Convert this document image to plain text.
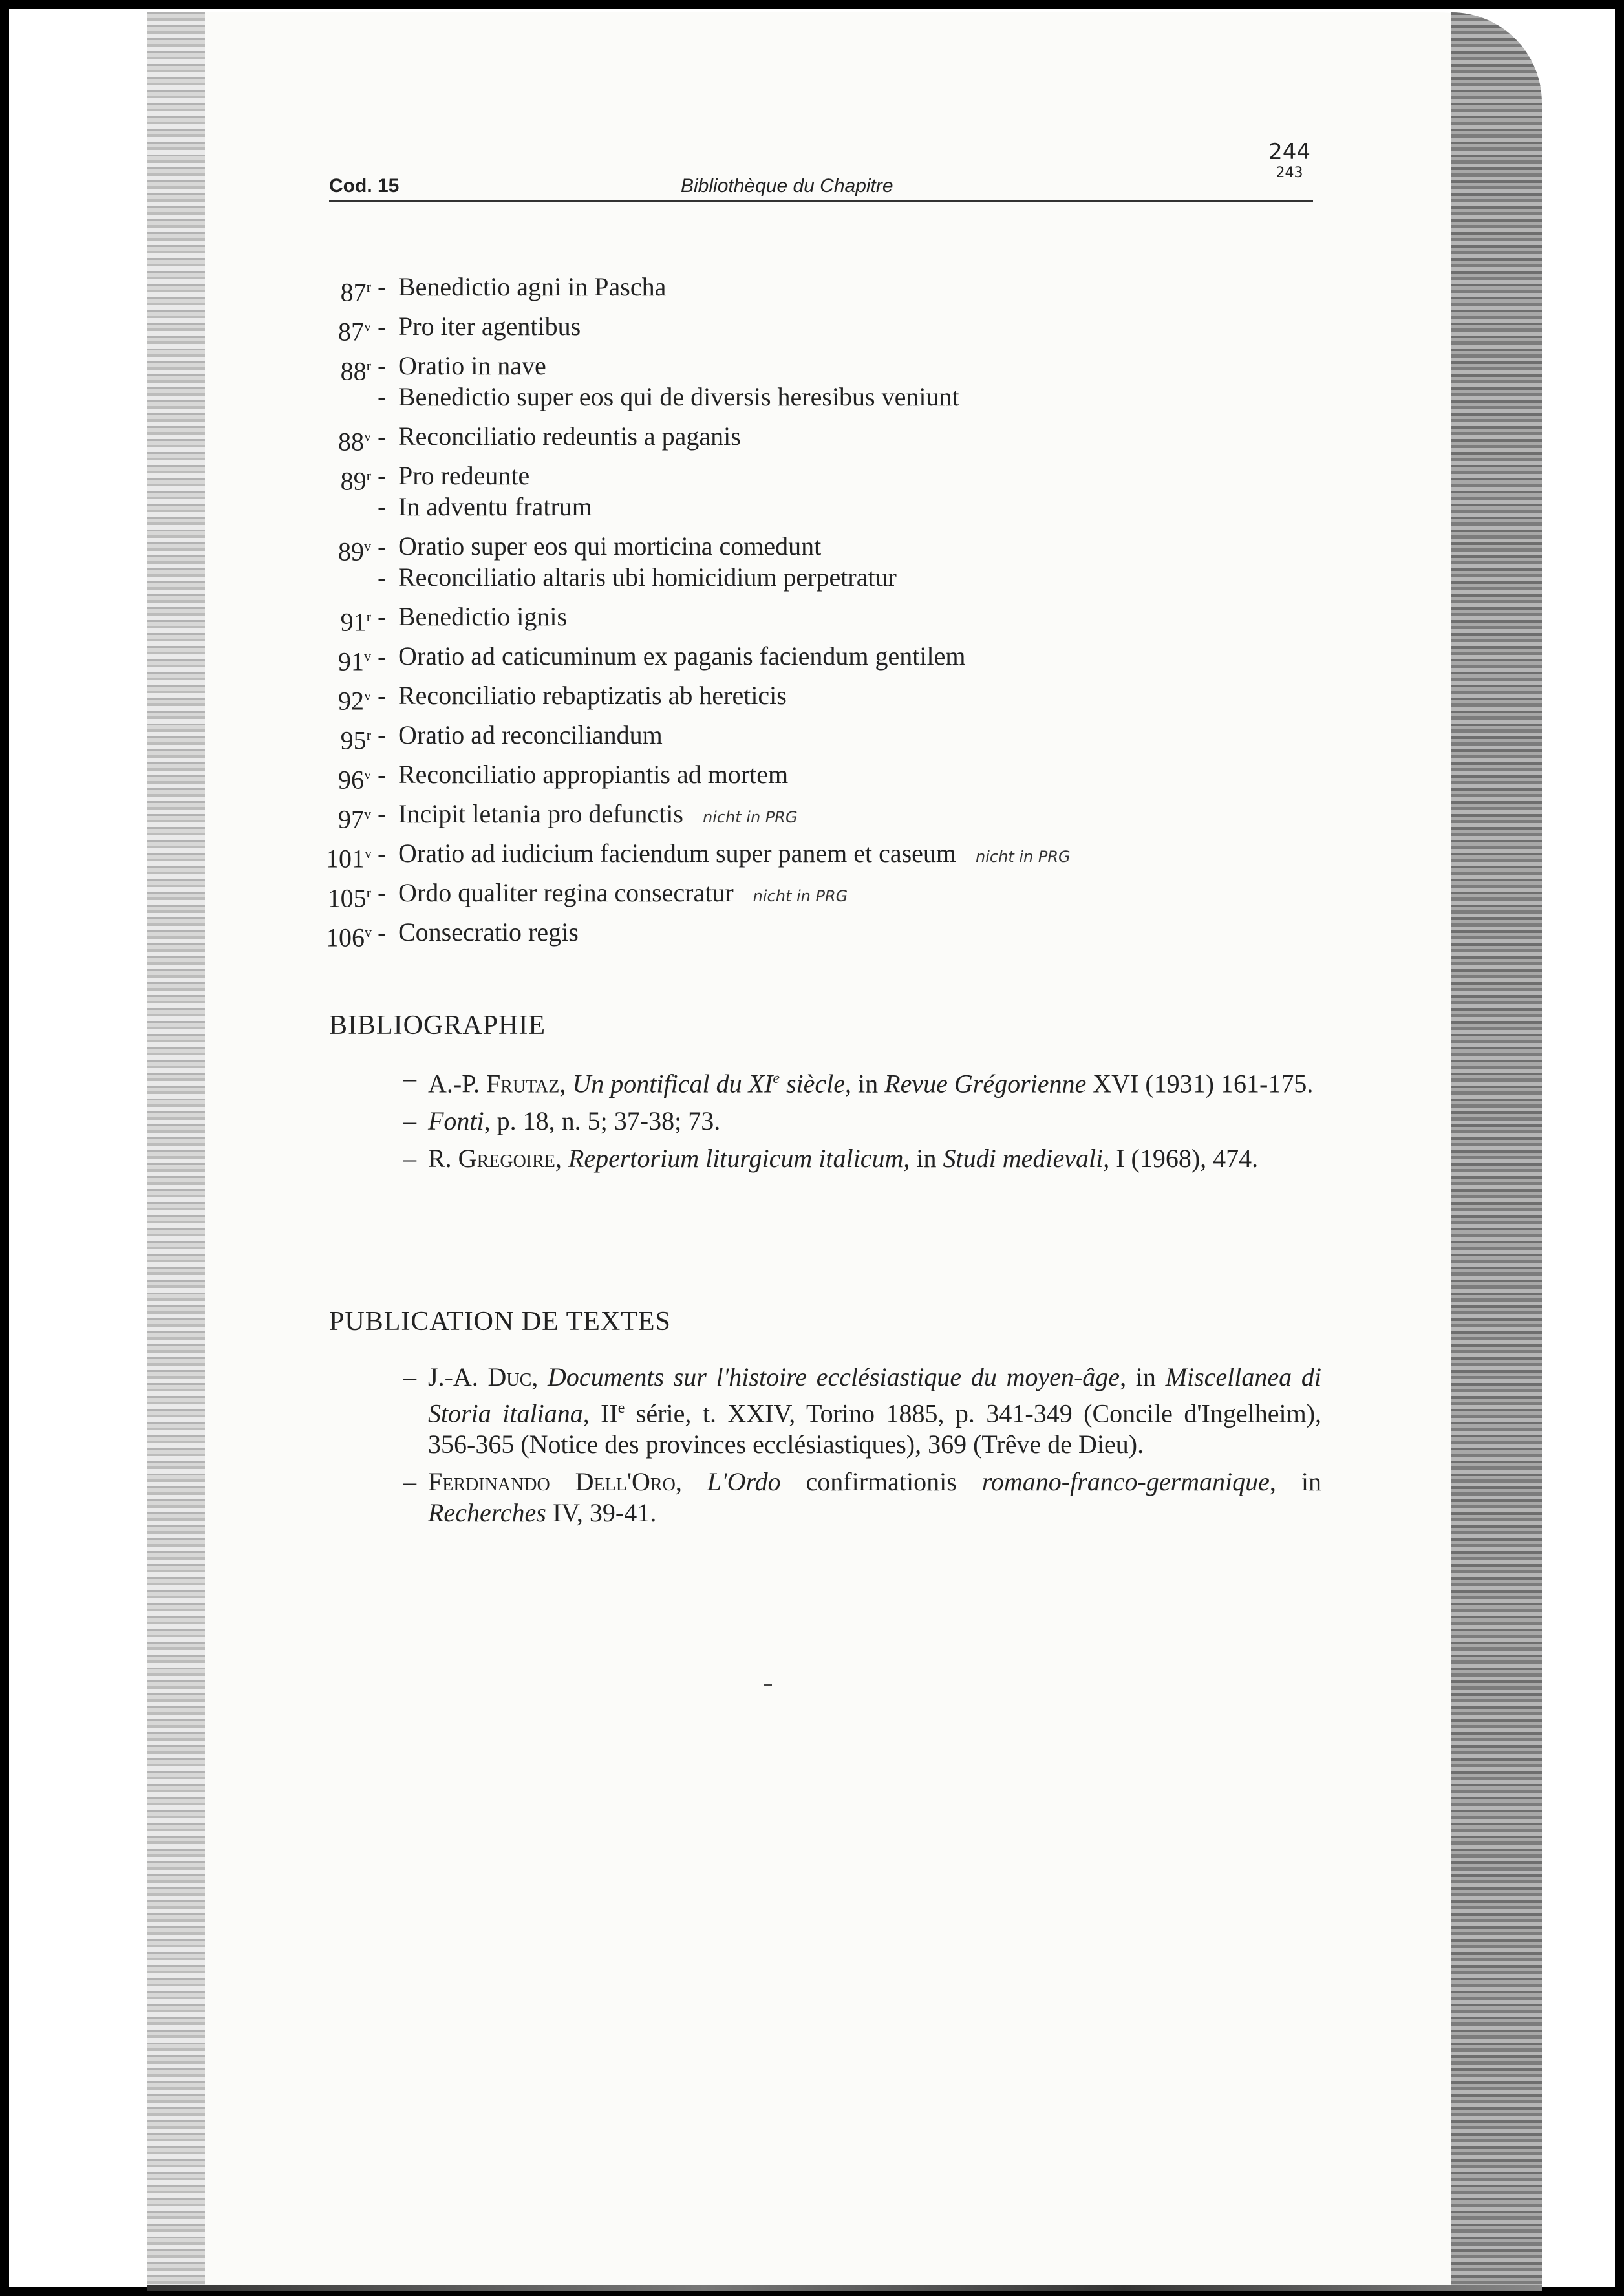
Cod. 15	Bibliothèque du Chapitre
244
243
87$^r$ - Benedictio agni in Pascha
87$^v$ - Pro iter agentibus
88$^r$ - Oratio in nave
- Benedictio super eos qui de diversis heresibus veniunt
88$^v$ - Reconciliatio redeuntis a paganis
89$^r$ - Pro redeunte
- In adventu fratrum
89$^v$ - Oratio super eos qui morticina comedunt
- Reconciliatio altaris ubi homicidium perpetratur
91$^r$ - Benedictio ignis
91$^v$ - Oratio ad caticuminum ex paganis faciendum gentilem
92$^v$ - Reconciliatio rebaptizatis ab hereticis
95$^r$ - Oratio ad reconciliandum
96$^v$ - Reconciliatio appropiantis ad mortem
97$^v$ - Incipit letania pro defunctis nicht in PRG
101$^v$ - Oratio ad iudicium faciendum super panem et caseum nicht in PRG
105$^r$ - Ordo qualiter regina consecratur nicht in PRG
106$^v$ - Consecratio regis
BIBLIOGRAPHIE
– A.-P. Frutaz, Un pontifical du XIe siècle, in Revue Grégorienne XVI (1931) 161-175.
– Fonti, p. 18, n. 5; 37-38; 73.
– R. Gregoire, Repertorium liturgicum italicum, in Studi medievali, I (1968), 474.
PUBLICATION DE TEXTES
– J.-A. Duc, Documents sur l'histoire ecclésiastique du moyen-âge, in Miscellanea di Storia italiana, IIe série, t. XXIV, Torino 1885, p. 341-349 (Concile d'Ingelheim), 356-365 (Notice des provinces ecclésiastiques), 369 (Trêve de Dieu).
– Ferdinando Dell'Oro, L'Ordo confirmationis romano-franco-germanique, in Recherches IV, 39-41.
